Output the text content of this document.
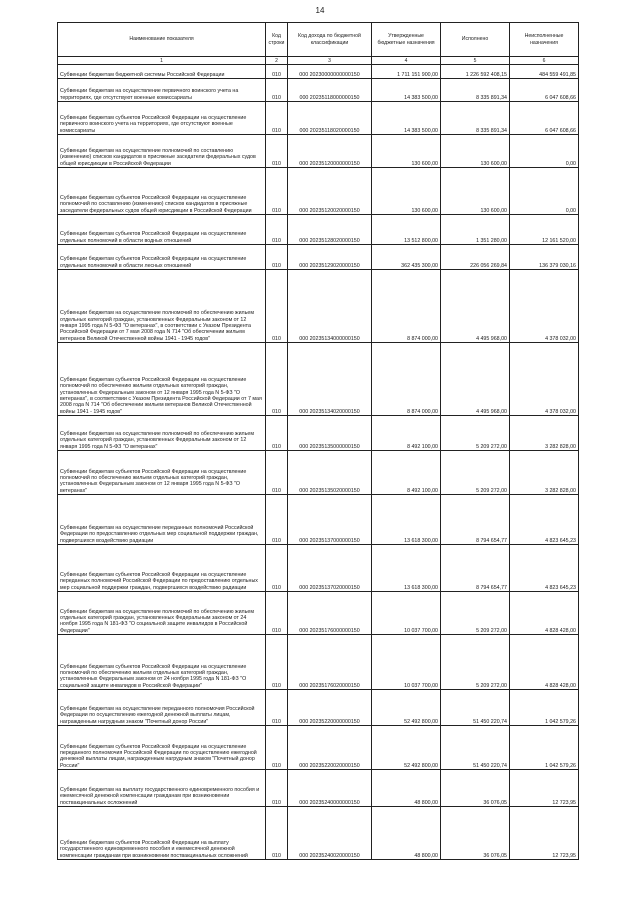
14
Наименование показателя	Код строки	Код дохода по бюджетной классификации	Утвержденные бюджетные назначения	Исполнено	Неисполненные назначения
1	2	3	4	5	6
Субвенции бюджетам бюджетной системы Российской Федерации	010	000 20230000000000150	1 711 151 900,00	1 226 592 408,15	484 559 491,85
Субвенции бюджетам на осуществление первичного воинского учета на территориях, где отсутствуют военные комиссариаты	010	000 20235118000000150	14 383 500,00	8 335 891,34	6 047 608,66
Субвенции бюджетам субъектов Российской Федерации на осуществление первичного воинского учета на территориях, где отсутствуют военные комиссариаты	010	000 20235118020000150	14 383 500,00	8 335 891,34	6 047 608,66
Субвенции бюджетам на осуществление полномочий по составлению (изменению) списков кандидатов в присяжные заседатели федеральных судов общей юрисдикции в Российской Федерации	010	000 20235120000000150	130 600,00	130 600,00	0,00
Субвенции бюджетам субъектов Российской Федерации на осуществление полномочий по составлению (изменению) списков кандидатов в присяжные заседатели федеральных судов общей юрисдикции в Российской Федерации	010	000 20235120020000150	130 600,00	130 600,00	0,00
Субвенции бюджетам субъектов Российской Федерации на осуществление отдельных полномочий в области водных отношений	010	000 20235128020000150	13 512 800,00	1 351 280,00	12 161 520,00
Субвенции бюджетам субъектов Российской Федерации на осуществление отдельных полномочий в области лесных отношений	010	000 20235129020000150	362 435 300,00	226 056 269,84	136 379 030,16
Субвенции бюджетам на осуществление полномочий по обеспечению жильем отдельных категорий граждан, установленных Федеральным законом от 12 января 1995 года N 5-ФЗ "О ветеранах", в соответствии с Указом Президента Российской Федерации от 7 мая 2008 года N 714 "Об обеспечении жильем ветеранов Великой Отечественной войны 1941 - 1945 годов"	010	000 20235134000000150	8 874 000,00	4 495 968,00	4 378 032,00
Субвенции бюджетам субъектов Российской Федерации на осуществление полномочий по обеспечению жильем отдельных категорий граждан, установленных Федеральным законом от 12 января 1995 года N 5-ФЗ "О ветеранах", в соответствии с Указом Президента Российской Федерации от 7 мая 2008 года N 714 "Об обеспечении жильем ветеранов Великой Отечественной войны 1941 - 1945 годов"	010	000 20235134020000150	8 874 000,00	4 495 968,00	4 378 032,00
Субвенции бюджетам на осуществление полномочий по обеспечению жильем отдельных категорий граждан, установленных Федеральным законом от 12 января 1995 года N 5-ФЗ "О ветеранах"	010	000 20235135000000150	8 492 100,00	5 209 272,00	3 282 828,00
Субвенции бюджетам субъектов Российской Федерации на осуществление полномочий по обеспечению жильем отдельных категорий граждан, установленных Федеральным законом от 12 января 1995 года N 5-ФЗ "О ветеранах"	010	000 20235135020000150	8 492 100,00	5 209 272,00	3 282 828,00
Субвенции бюджетам на осуществление переданных полномочий Российской Федерации по предоставлению отдельных мер социальной поддержки граждан, подвергшихся воздействию радиации	010	000 20235137000000150	13 618 300,00	8 794 654,77	4 823 645,23
Субвенции бюджетам субъектов Российской Федерации на осуществление переданных полномочий Российской Федерации по предоставлению отдельных мер социальной поддержки граждан, подвергшихся воздействию радиации	010	000 20235137020000150	13 618 300,00	8 794 654,77	4 823 645,23
Субвенции бюджетам на осуществление полномочий по обеспечению жильем отдельных категорий граждан, установленных Федеральным законом от 24 ноября 1995 года N 181-ФЗ "О социальной защите инвалидов в Российской Федерации"	010	000 20235176000000150	10 037 700,00	5 209 272,00	4 828 428,00
Субвенции бюджетам субъектов Российской Федерации на осуществление полномочий по обеспечению жильем отдельных категорий граждан, установленных Федеральным законом от 24 ноября 1995 года N 181-ФЗ "О социальной защите инвалидов в Российской Федерации"	010	000 20235176020000150	10 037 700,00	5 209 272,00	4 828 428,00
Субвенции бюджетам на осуществление переданного полномочия Российской Федерации по осуществлению ежегодной денежной выплаты лицам, награжденным нагрудным знаком "Почетный донор России"	010	000 20235220000000150	52 492 800,00	51 450 220,74	1 042 579,26
Субвенции бюджетам субъектов Российской Федерации на осуществление переданного полномочия Российской Федерации по осуществлению ежегодной денежной выплаты лицам, награжденным нагрудным знаком "Почетный донор России"	010	000 20235220020000150	52 492 800,00	51 450 220,74	1 042 579,26
Субвенции бюджетам на выплату государственного единовременного пособия и ежемесячной денежной компенсации гражданам при возникновении поствакцинальных осложнений	010	000 20235240000000150	48 800,00	36 076,05	12 723,95
Субвенции бюджетам субъектов Российской Федерации на выплату государственного единовременного пособия и ежемесячной денежной компенсации гражданам при возникновении поствакцинальных осложнений	010	000 20235240020000150	48 800,00	36 076,05	12 723,95
